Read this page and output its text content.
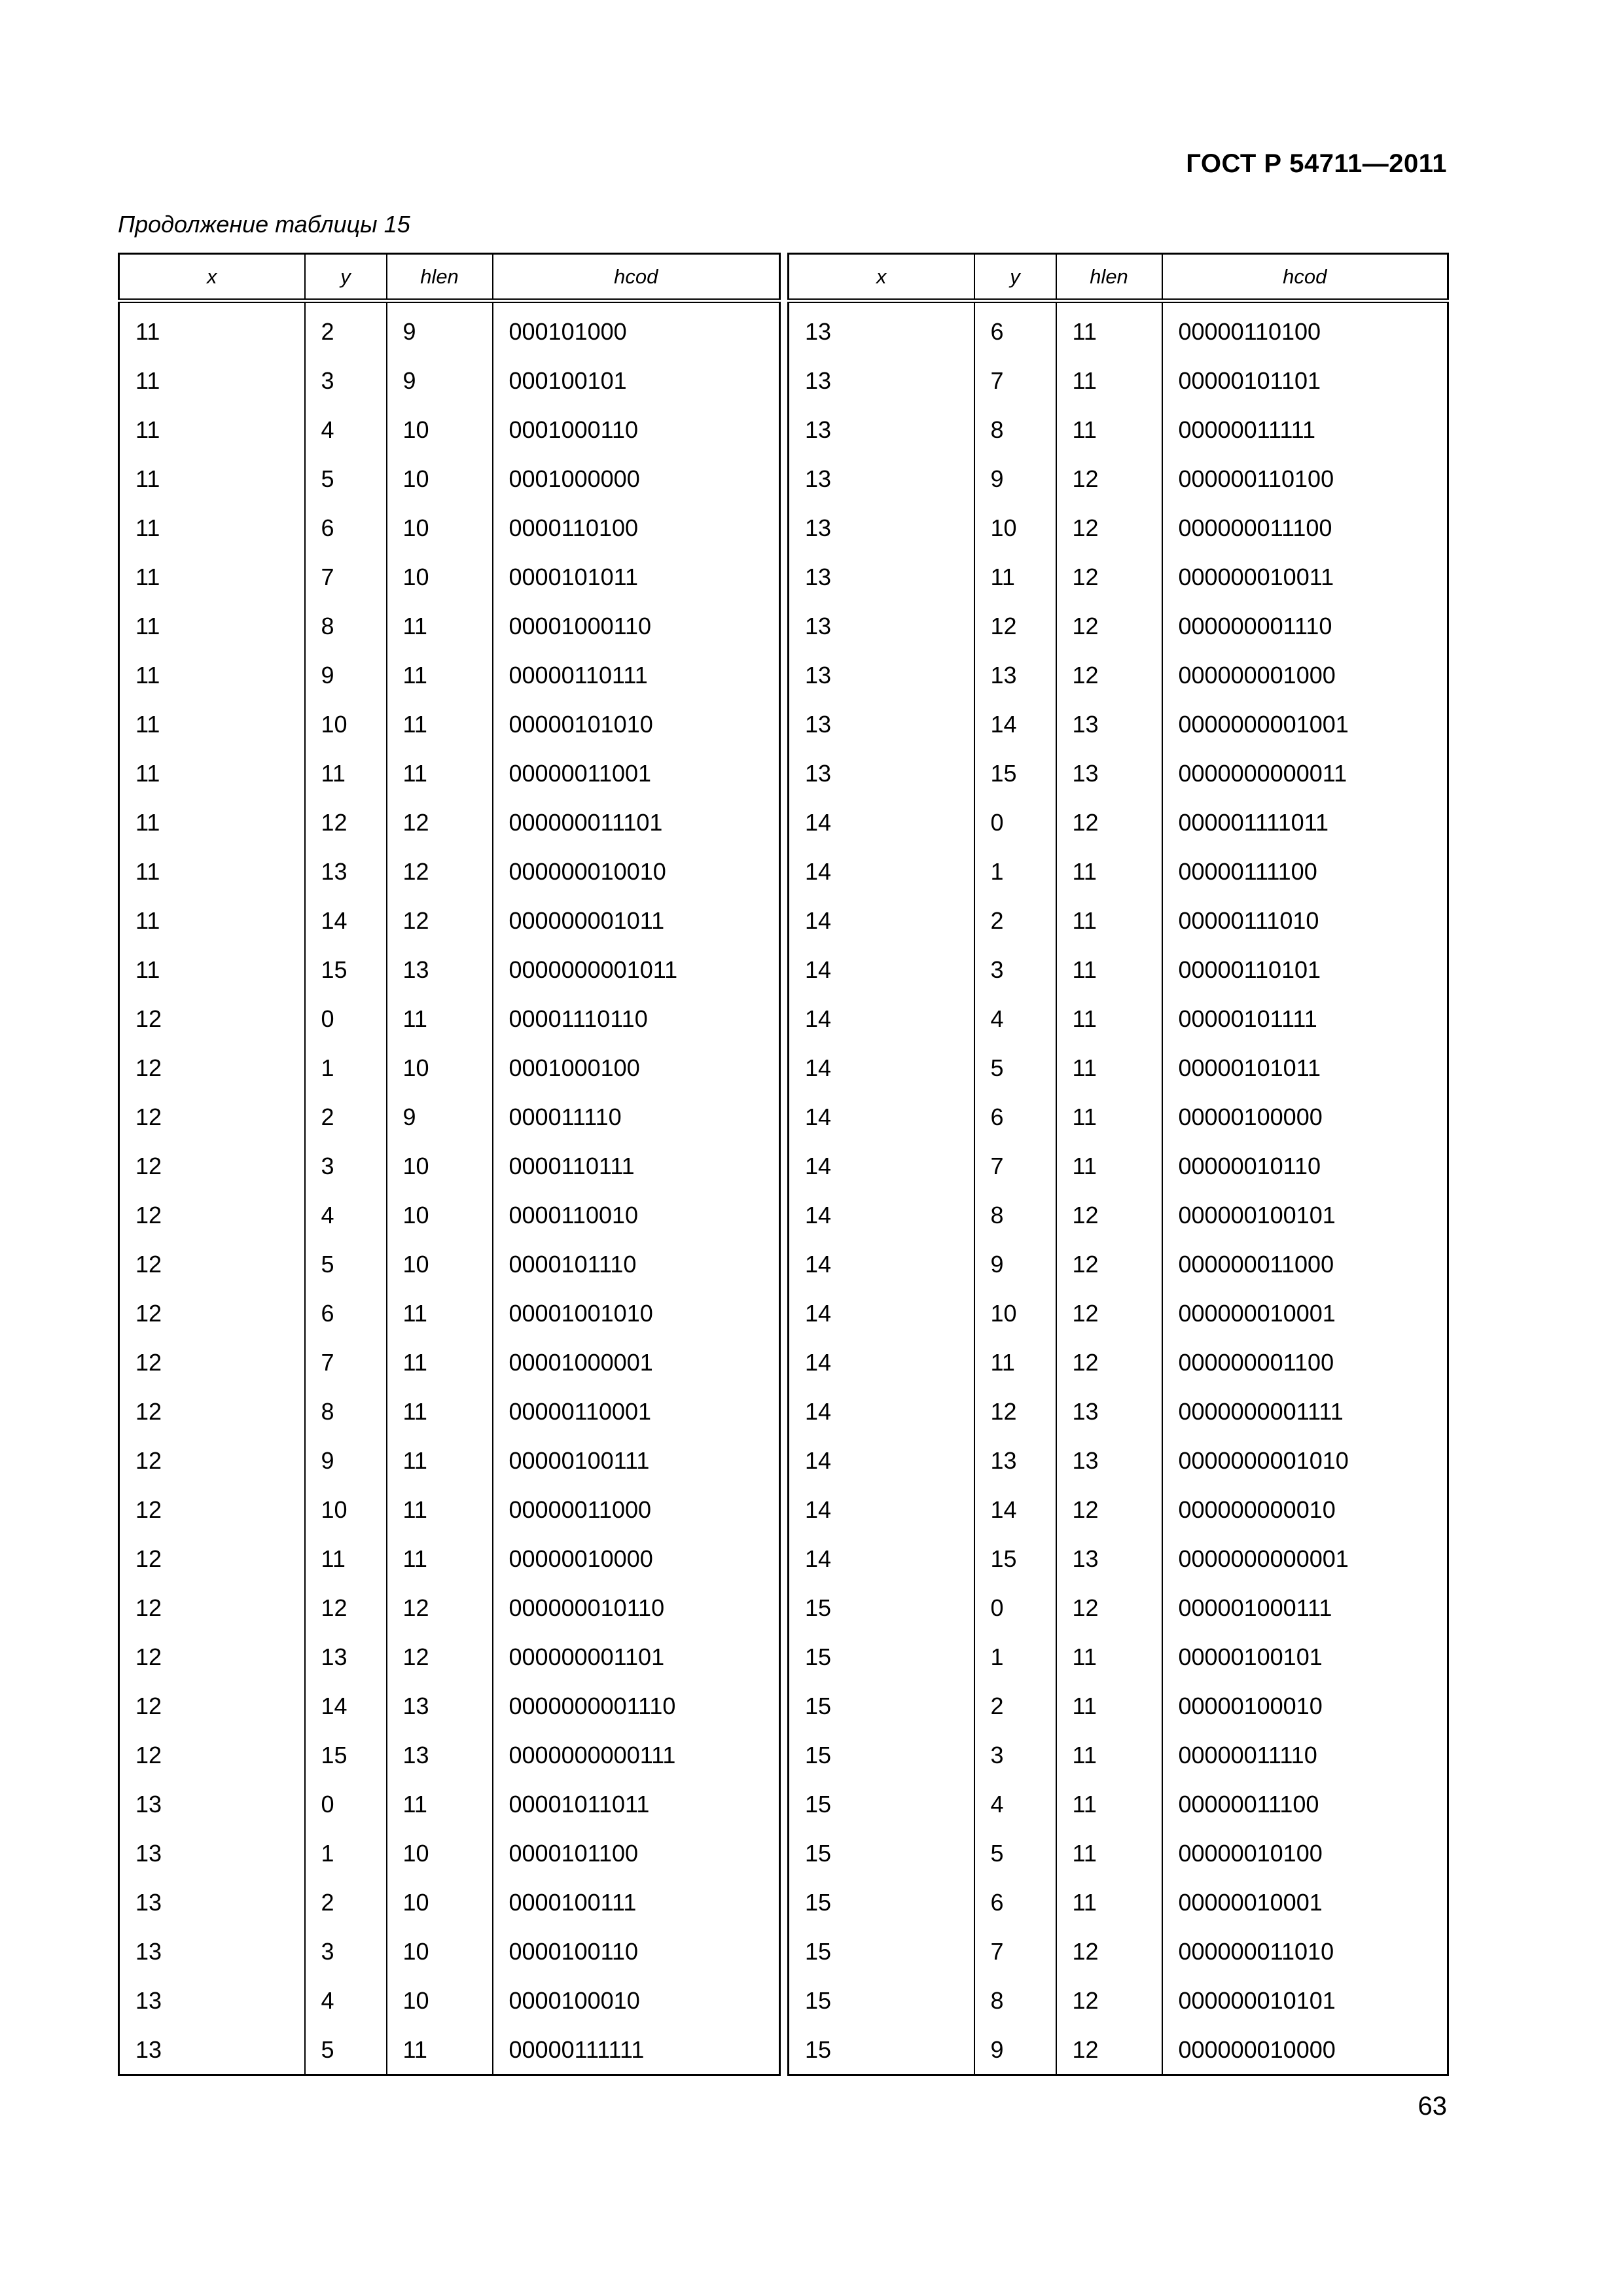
ГОСТ Р 54711—2011
Продолжение таблицы 15
x	y	hlen	hcod
11	2	9	000101000
11	3	9	000100101
11	4	10	0001000110
11	5	10	0001000000
11	6	10	0000110100
11	7	10	0000101011
11	8	11	00001000110
11	9	11	00000110111
11	10	11	00000101010
11	11	11	00000011001
11	12	12	000000011101
11	13	12	000000010010
11	14	12	000000001011
11	15	13	0000000001011
12	0	11	00001110110
12	1	10	0001000100
12	2	9	000011110
12	3	10	0000110111
12	4	10	0000110010
12	5	10	0000101110
12	6	11	00001001010
12	7	11	00001000001
12	8	11	00000110001
12	9	11	00000100111
12	10	11	00000011000
12	11	11	00000010000
12	12	12	000000010110
12	13	12	000000001101
12	14	13	0000000001110
12	15	13	0000000000111
13	0	11	00001011011
13	1	10	0000101100
13	2	10	0000100111
13	3	10	0000100110
13	4	10	0000100010
13	5	11	00000111111
x	y	hlen	hcod
13	6	11	00000110100
13	7	11	00000101101
13	8	11	00000011111
13	9	12	000000110100
13	10	12	000000011100
13	11	12	000000010011
13	12	12	000000001110
13	13	12	000000001000
13	14	13	0000000001001
13	15	13	0000000000011
14	0	12	000001111011
14	1	11	00000111100
14	2	11	00000111010
14	3	11	00000110101
14	4	11	00000101111
14	5	11	00000101011
14	6	11	00000100000
14	7	11	00000010110
14	8	12	000000100101
14	9	12	000000011000
14	10	12	000000010001
14	11	12	000000001100
14	12	13	0000000001111
14	13	13	0000000001010
14	14	12	000000000010
14	15	13	0000000000001
15	0	12	000001000111
15	1	11	00000100101
15	2	11	00000100010
15	3	11	00000011110
15	4	11	00000011100
15	5	11	00000010100
15	6	11	00000010001
15	7	12	000000011010
15	8	12	000000010101
15	9	12	000000010000
63
